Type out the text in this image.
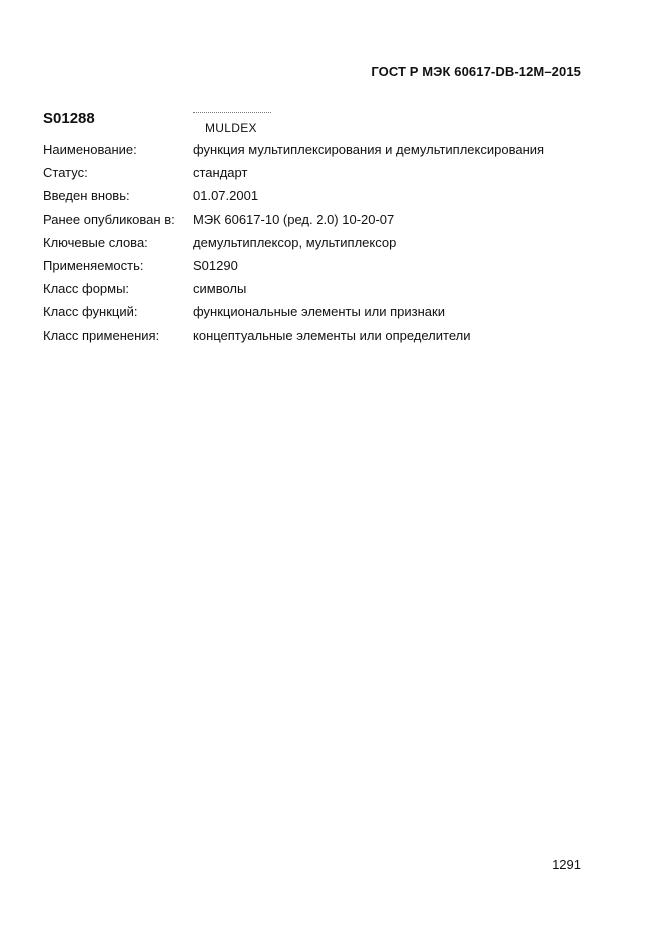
ГОСТ Р МЭК 60617-DB-12M–2015
S01288
MULDEX
Наименование:	функция мультиплексирования и демультиплексирования
Статус:	стандарт
Введен вновь:	01.07.2001
Ранее опубликован в: МЭК 60617-10 (ред. 2.0) 10-20-07
Ключевые слова:	демультиплексор, мультиплексор
Применяемость:	S01290
Класс формы:	символы
Класс функций:	функциональные элементы или признаки
Класс применения:	концептуальные элементы или определители
1291
